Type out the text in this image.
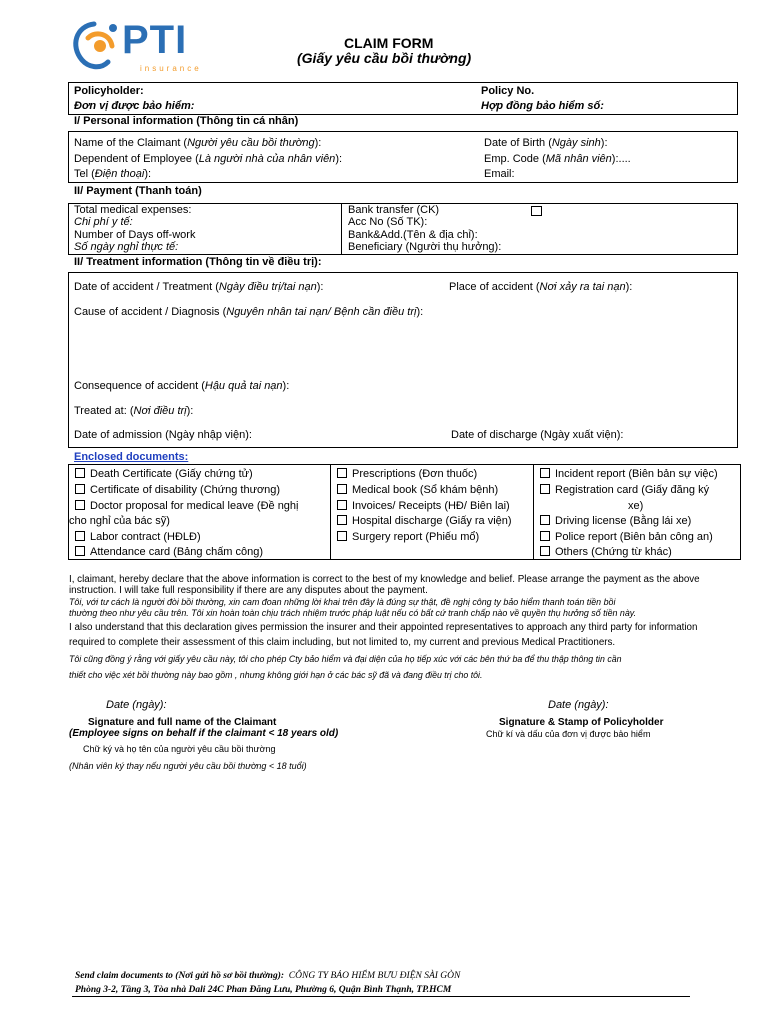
PTI
insurance
CLAIM FORM
(Giấy yêu cầu bồi thường)
Policyholder:
Đơn vị được bảo hiểm:
Policy No.
Hợp đồng bảo hiểm số:
I/ Personal information (Thông tin cá nhân)
Name of the Claimant (Người yêu cầu bồi thường):	Date of Birth (Ngày sinh):
Dependent of Employee (Là người nhà của nhân viên):	Emp. Code (Mã nhân viên):....
Tel (Điện thoại):	Email:
II/ Payment (Thanh toán)
Total medical expenses:
Chi phí y tế:
Number of Days off-work
Số ngày nghỉ thực tế:
Bank transfer (CK)
Acc No (Số TK):
Bank&Add.(Tên & địa chỉ):
Beneficiary (Người thụ hưởng):
II/ Treatment information (Thông tin về điều trị):
Date of accident / Treatment (Ngày điều trị/tai nạn):	Place of accident (Nơi xảy ra tai nạn):
Cause of accident / Diagnosis (Nguyên nhân tai nạn/ Bệnh cần điều trị):
Consequence of accident (Hậu quả tai nạn):
Treated at: (Nơi điều trị):
Date of admission (Ngày nhập viện):	Date of discharge (Ngày xuất viện):
Enclosed documents:
Death Certificate (Giấy chứng tử)
Certificate of disability (Chứng thương)
Doctor proposal for medical leave (Đề nghị
cho nghỉ của bác sỹ)
Labor contract (HĐLĐ)
Attendance card (Bảng chấm công)
Prescriptions (Đơn thuốc)
Medical book (Sổ khám bệnh)
Invoices/ Receipts (HĐ/ Biên lai)
Hospital discharge (Giấy ra viện)
Surgery report (Phiếu mổ)
Incident report (Biên bản sự việc)
Registration card (Giấy đăng ký
xe)
Driving license (Bằng lái xe)
Police report (Biên bản công an)
Others (Chứng từ khác)
I, claimant, hereby declare that the above information is correct to the best of my knowledge and belief. Please arrange the payment as the above
instruction. I will take full responsibility if there are any disputes about the payment.
Tôi, với tư cách là người đòi bồi thường, xin cam đoan những lời khai trên đây là đúng sự thật, đề nghị công ty bảo hiểm thanh toán tiền bồi
thường theo như yêu cầu trên. Tôi xin hoàn toàn chịu trách nhiệm trước pháp luật nếu có bất cứ tranh chấp nào về quyền thụ hưởng số tiền này.
I also understand that this declaration gives permission the insurer and their appointed representatives to approach any third party for information
required to complete their assessment of this claim including, but not limited to, my current and previous Medical Practitioners.
Tôi cũng đồng ý rằng với giấy yêu cầu này, tôi cho phép Cty bảo hiểm và đại diện của họ tiếp xúc với các bên thứ ba để thu thập thông tin cần
thiết cho việc xét bồi thường này bao gồm , nhưng không giới hạn ở các bác sỹ đã và đang điều trị cho tôi.
Date (ngày):	Date (ngày):
Signature and full name of the Claimant
(Employee signs on behalf if the claimant < 18 years old)
Chữ ký và họ tên của người yêu cầu bồi thường
(Nhân viên ký thay nếu người yêu cầu bồi thường < 18 tuổi)
Signature & Stamp of Policyholder
Chữ kí và dấu của đơn vị được bảo hiểm
Send claim documents to (Nơi gửi hồ sơ bồi thường): CÔNG TY BẢO HIỂM BƯU ĐIỆN SÀI GÒN
Phòng 3-2, Tầng 3, Tòa nhà Dali 24C Phan Đăng Lưu, Phường 6, Quận Bình Thạnh, TP.HCM
